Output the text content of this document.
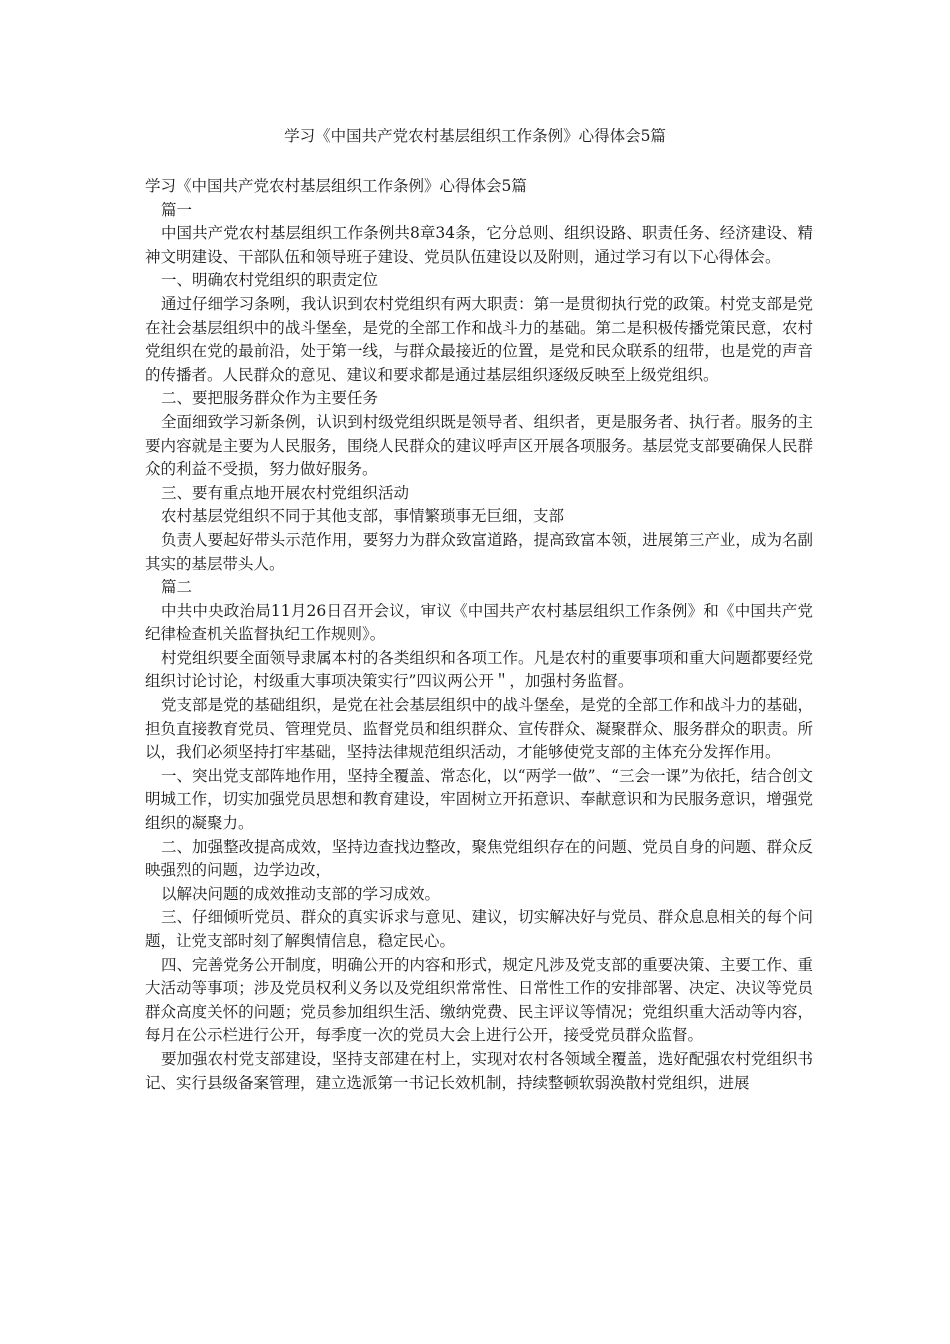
学习《中国共产党农村基层组织工作条例》心得体会5篇

学习《中国共产党农村基层组织工作条例》心得体会5篇

篇一

中国共产党农村基层组织工作条例共8章34条，它分总则、组织设路、职责任务、经济建设、精神文明建设、干部队伍和领导班子建设、党员队伍建设以及附则，通过学习有以下心得体会。

一、明确农村党组织的职责定位

通过仔细学习条咧，我认识到农村党组织有两大职责：第一是贯彻执行党的政策。村党支部是党在社会基层组织中的战斗堡垒，是党的全部工作和战斗力的基础。第二是积极传播党策民意，农村党组织在党的最前沿，处于第一线，与群众最接近的位置，是党和民众联系的纽带，也是党的声音的传播者。人民群众的意见、建议和要求都是通过基层组织逐级反映至上级党组织。

二、要把服务群众作为主要任务

全面细致学习新条例，认识到村级党组织既是领导者、组织者，更是服务者、执行者。服务的主要内容就是主要为人民服务，围绕人民群众的建议呼声区开展各项服务。基层党支部要确保人民群众的利益不受损，努力做好服务。

三、要有重点地开展农村党组织活动

农村基层党组织不同于其他支部，事情繁琐事无巨细，支部

负责人要起好带头示范作用，要努力为群众致富道路，提高致富本领，进展第三产业，成为名副其实的基层带头人。

篇二

中共中央政治局11月26日召开会议，审议《中国共产农村基层组织工作条例》和《中国共产党纪律检查机关监督执纪工作规则》。

村党组织要全面领导隶属本村的各类组织和各项工作。凡是农村的重要事项和重大问题都要经党组织讨论讨论，村级重大事项决策实行”四议两公开＂，加强村务监督。

党支部是党的基础组织，是党在社会基层组织中的战斗堡垒，是党的全部工作和战斗力的基础，担负直接教育党员、管理党员、监督党员和组织群众、宣传群众、凝聚群众、服务群众的职责。所以，我们必须坚持打牢基础，坚持法律规范组织活动，才能够使党支部的主体充分发挥作用。

一、突出党支部阵地作用，坚持全覆盖、常态化，以“两学一做”、“三会一课”为依托，结合创文明城工作，切实加强党员思想和教育建设，牢固树立开拓意识、奉献意识和为民服务意识，增强党组织的凝聚力。

二、加强整改提高成效，坚持边查找边整改，聚焦党组织存在的问题、党员自身的问题、群众反映强烈的问题，边学边改，

以解决问题的成效推动支部的学习成效。

三、仔细倾听党员、群众的真实诉求与意见、建议，切实解决好与党员、群众息息相关的每个问题，让党支部时刻了解舆情信息，稳定民心。

四、完善党务公开制度，明确公开的内容和形式，规定凡涉及党支部的重要决策、主要工作、重大活动等事项；涉及党员权利义务以及党组织常常性、日常性工作的安排部署、决定、决议等党员群众高度关怀的问题；党员参加组织生活、缴纳党费、民主评议等情况；党组织重大活动等内容，每月在公示栏进行公开，每季度一次的党员大会上进行公开，接受党员群众监督。

要加强农村党支部建设，坚持支部建在村上，实现对农村各领域全覆盖，选好配强农村党组织书记、实行县级备案管理，建立选派第一书记长效机制，持续整顿软弱涣散村党组织，进展
